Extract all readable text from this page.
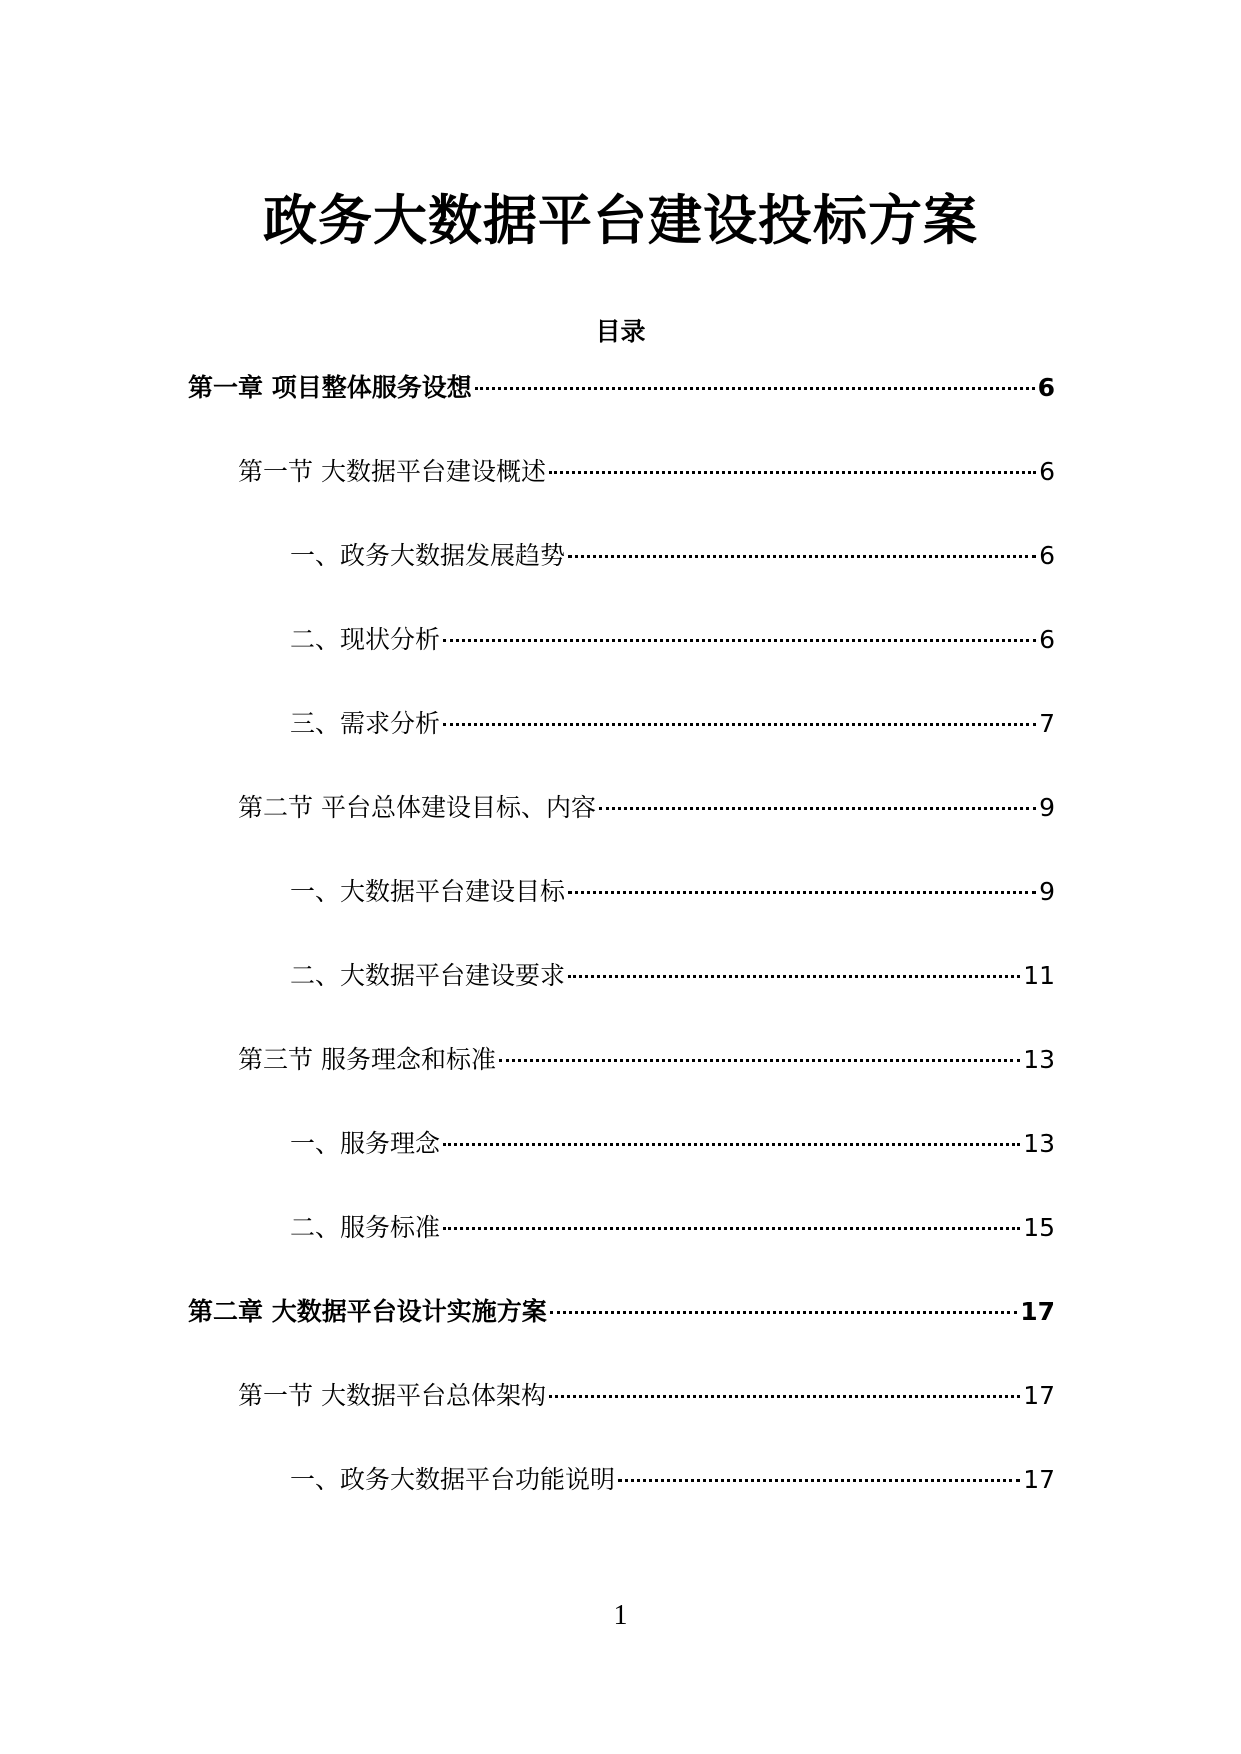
政务大数据平台建设投标方案
目录
第一章 项目整体服务设想	6
第一节 大数据平台建设概述	6
一、政务大数据发展趋势	6
二、现状分析	6
三、需求分析	7
第二节 平台总体建设目标、内容	9
一、大数据平台建设目标	9
二、大数据平台建设要求	11
第三节 服务理念和标准	13
一、服务理念	13
二、服务标准	15
第二章 大数据平台设计实施方案	17
第一节 大数据平台总体架构	17
一、政务大数据平台功能说明	17
1
